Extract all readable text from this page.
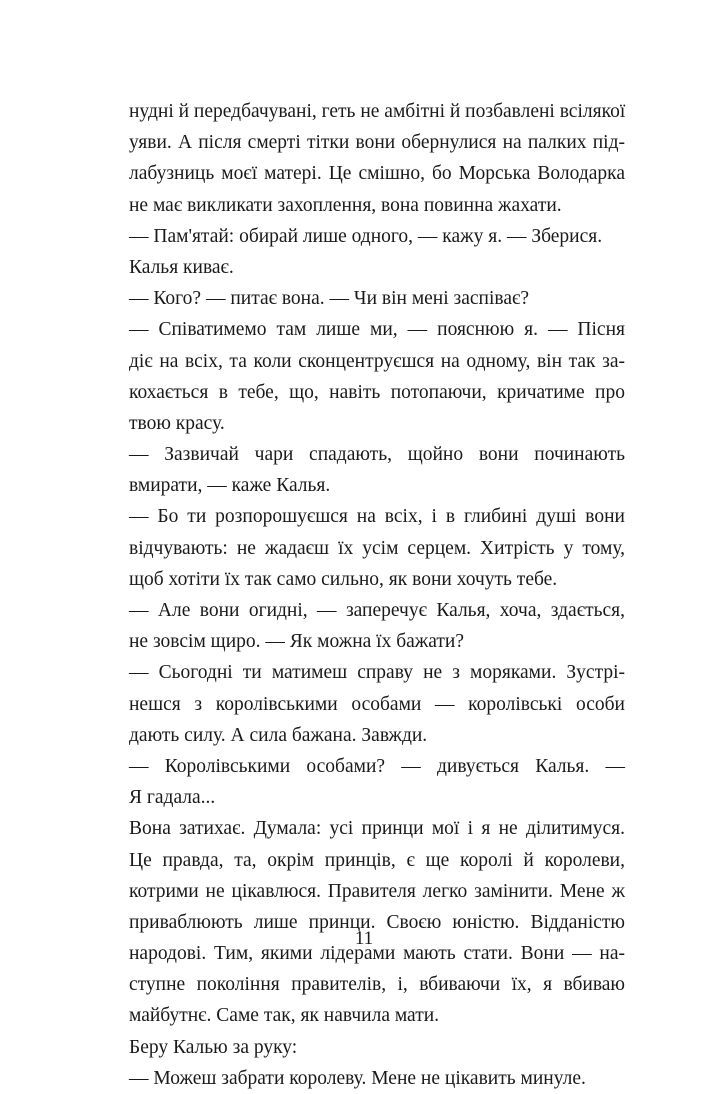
нудні й передбачувані, геть не амбітні й позбавлені всілякої
уяви. А після смерті тітки вони обернулися на палких під-
лабузниць моєї матері. Це смішно, бо Морська Володарка
не має викликати захоплення, вона повинна жахати.
— Пам'ятай: обирай лише одного, — кажу я. — Зберися.
Калья киває.
— Кого? — питає вона. — Чи він мені заспіває?
— Співатимемо там лише ми, — пояснюю я. — Пісня
діє на всіх, та коли сконцентруєшся на одному, він так за-
кохається в тебе, що, навіть потопаючи, кричатиме про
твою красу.
— Зазвичай чари спадають, щойно вони починають
вмирати, — каже Калья.
— Бо ти розпорошуєшся на всіх, і в глибині душі вони
відчувають: не жадаєш їх усім серцем. Хитрість у тому,
щоб хотіти їх так само сильно, як вони хочуть тебе.
— Але вони огидні, — заперечує Калья, хоча, здається,
не зовсім щиро. — Як можна їх бажати?
— Сьогодні ти матимеш справу не з моряками. Зустрі-
нешся з королівськими особами — королівські особи
дають силу. А сила бажана. Завжди.
— Королівськими особами? — дивується Калья. —
Я гадала...
Вона затихає. Думала: усі принци мої і я не ділитимуся.
Це правда, та, окрім принців, є ще королі й королеви,
котрими не цікавлюся. Правителя легко замінити. Мене ж
приваблюють лише принци. Своєю юністю. Відданістю
народові. Тим, якими лідерами мають стати. Вони — на-
ступне покоління правителів, і, вбиваючи їх, я вбиваю
майбутнє. Саме так, як навчила мати.
Беру Калью за руку:
— Можеш забрати королеву. Мене не цікавить минуле.
11
